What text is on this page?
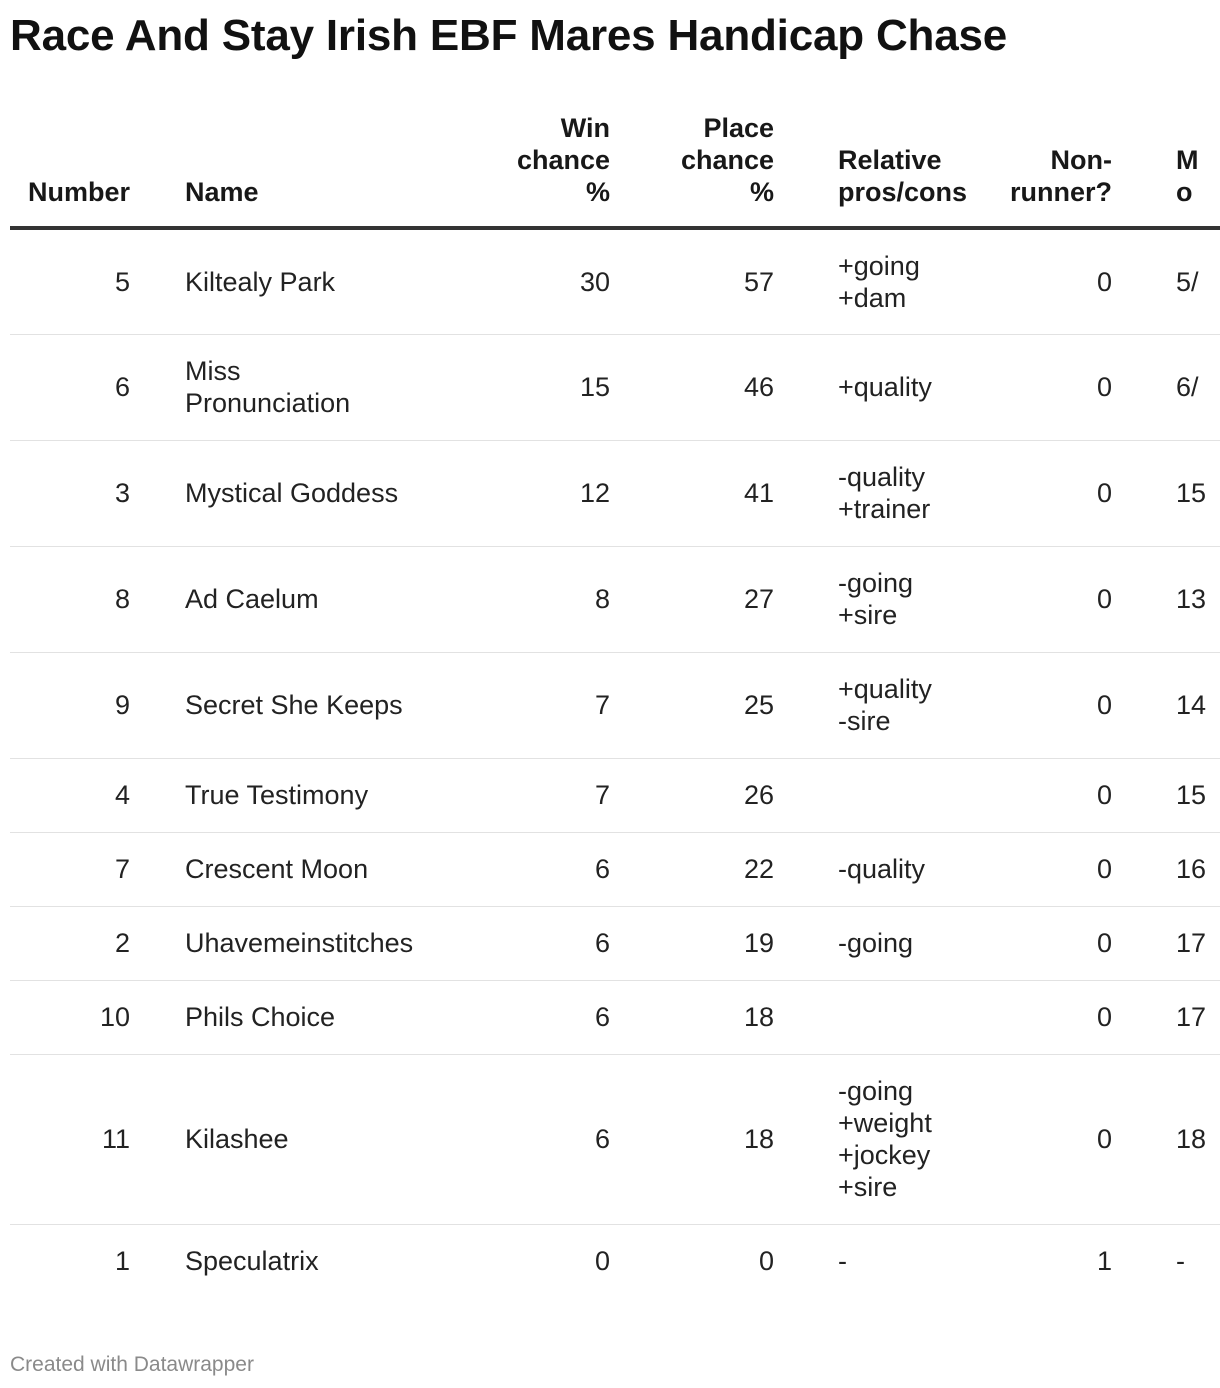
Race And Stay Irish EBF Mares Handicap Chase
Number	Name	Win
chance
%	Place
chance
%	Relative
pros/cons	Non-
runner?	M
o

5	Kiltealy Park	30	57	+going
+dam	0	5/
6	Miss
Pronunciation	15	46	+quality	0	6/
3	Mystical Goddess	12	41	-quality
+trainer	0	15
8	Ad Caelum	8	27	-going
+sire	0	13
9	Secret She Keeps	7	25	+quality
-sire	0	14
4	True Testimony	7	26		0	15
7	Crescent Moon	6	22	-quality	0	16
2	Uhavemeinstitches	6	19	-going	0	17
10	Phils Choice	6	18		0	17
11	Kilashee	6	18	-going
+weight
+jockey
+sire	0	18
1	Speculatrix	0	0	-	1	-
Created with Datawrapper
